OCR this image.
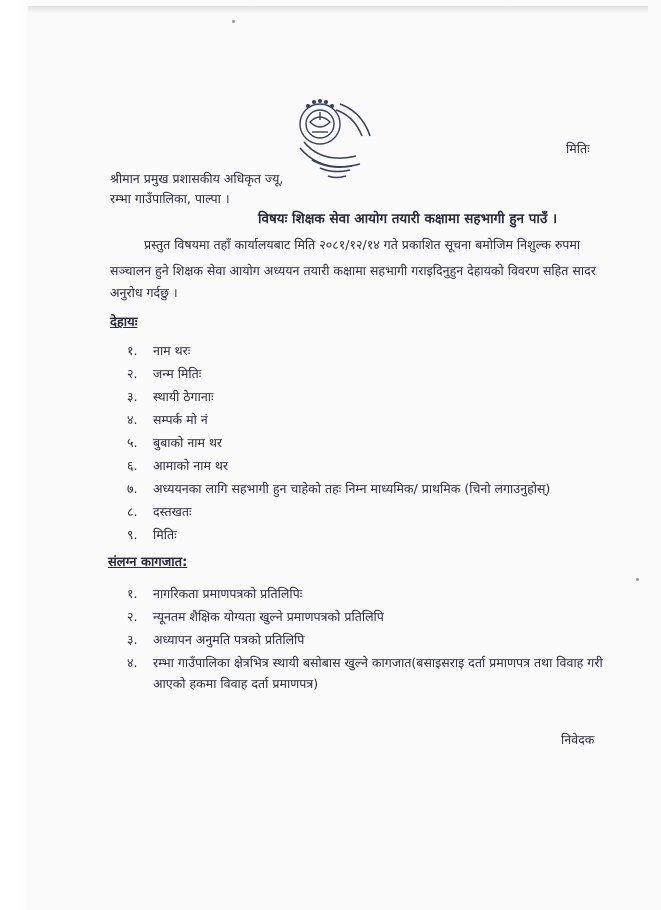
मितिः
श्रीमान प्रमुख प्रशासकीय अधिकृत ज्यू,
रम्भा गाउँपालिका, पाल्पा ।
विषयः शिक्षक सेवा आयोग तयारी कक्षामा सहभागी हुन पाउँ ।
प्रस्तुत विषयमा तहाँ कार्यालयबाट मिति २०८१/१२/१४ गते प्रकाशित सूचना बमोजिम निशुल्क रुपमा
सञ्चालन हुने शिक्षक सेवा आयोग अध्ययन तयारी कक्षामा सहभागी गराइदिनुहुन देहायको विवरण सहित सादर
अनुरोध गर्दछु ।
देहायः
१. नाम थरः
२. जन्म मितिः
३. स्थायी ठेगानाः
४. सम्पर्क मो नं
५. बुबाको नाम थर
६. आमाको नाम थर
७. अध्ययनका लागि सहभागी हुन चाहेको तहः निम्न माध्यमिक/ प्राथमिक (चिनो लगाउनुहोस्)
८. दस्तखतः
९. मितिः
संलग्न कागजात:
१. नागरिकता प्रमाणपत्रको प्रतिलिपिः
२. न्यूनतम शैक्षिक योग्यता खुल्ने प्रमाणपत्रको प्रतिलिपि
३. अध्यापन अनुमति पत्रको प्रतिलिपि
४. रम्भा गाउँपालिका क्षेत्रभित्र स्थायी बसोबास खुल्ने कागजात(बसाइसराइ दर्ता प्रमाणपत्र तथा विवाह गरी
आएको हकमा विवाह दर्ता प्रमाणपत्र)
निवेदक
